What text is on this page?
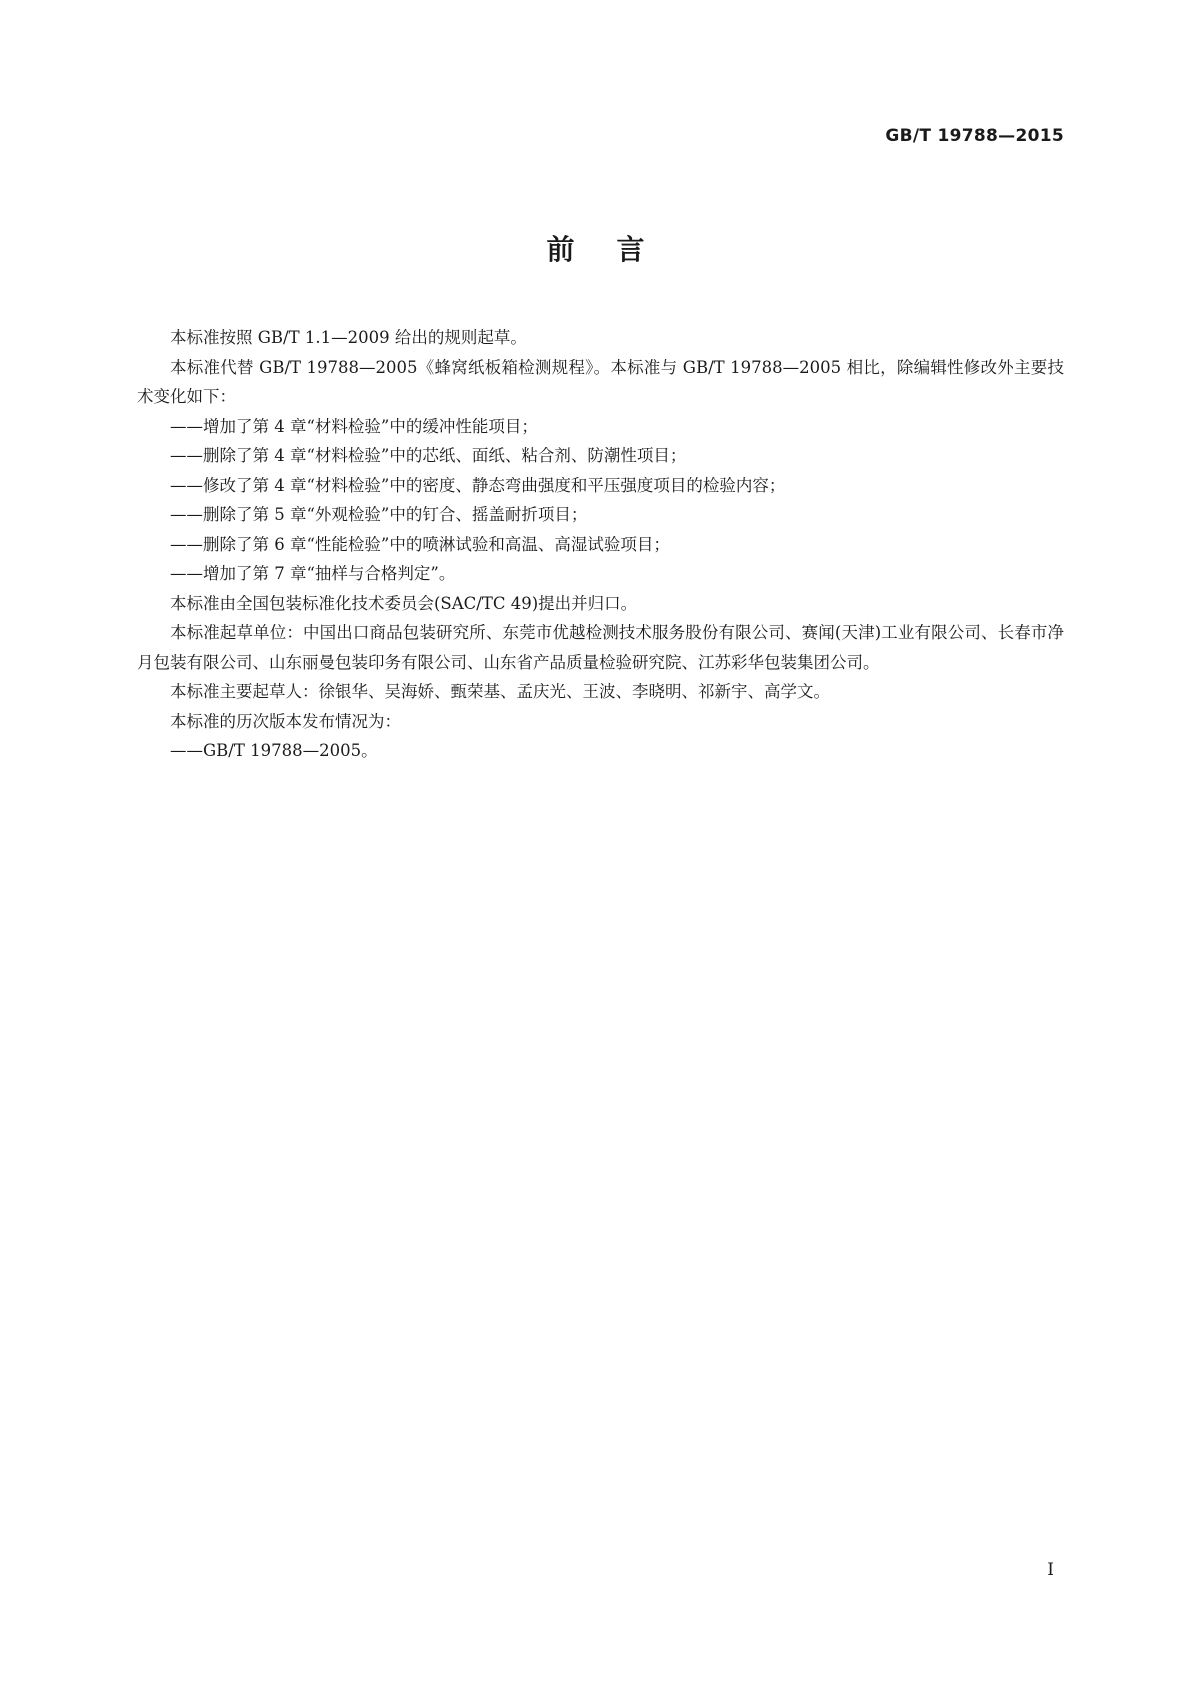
GB/T 19788—2015
前言

本标准按照 GB/T 1.1—2009 给出的规则起草。

本标准代替 GB/T 19788—2005《蜂窝纸板箱检测规程》。本标准与 GB/T 19788—2005 相比，除编辑性修改外主要技术变化如下：

——增加了第 4 章“材料检验”中的缓冲性能项目；

——删除了第 4 章“材料检验”中的芯纸、面纸、粘合剂、防潮性项目；

——修改了第 4 章“材料检验”中的密度、静态弯曲强度和平压强度项目的检验内容；

——删除了第 5 章“外观检验”中的钉合、摇盖耐折项目；

——删除了第 6 章“性能检验”中的喷淋试验和高温、高湿试验项目；

——增加了第 7 章“抽样与合格判定”。

本标准由全国包装标准化技术委员会(SAC/TC 49)提出并归口。

本标准起草单位：中国出口商品包装研究所、东莞市优越检测技术服务股份有限公司、赛闻(天津)工业有限公司、长春市净月包装有限公司、山东丽曼包装印务有限公司、山东省产品质量检验研究院、江苏彩华包装集团公司。

本标准主要起草人：徐银华、吴海娇、甄荣基、孟庆光、王波、李晓明、祁新宇、高学文。

本标准的历次版本发布情况为：

——GB/T 19788—2005。

I
